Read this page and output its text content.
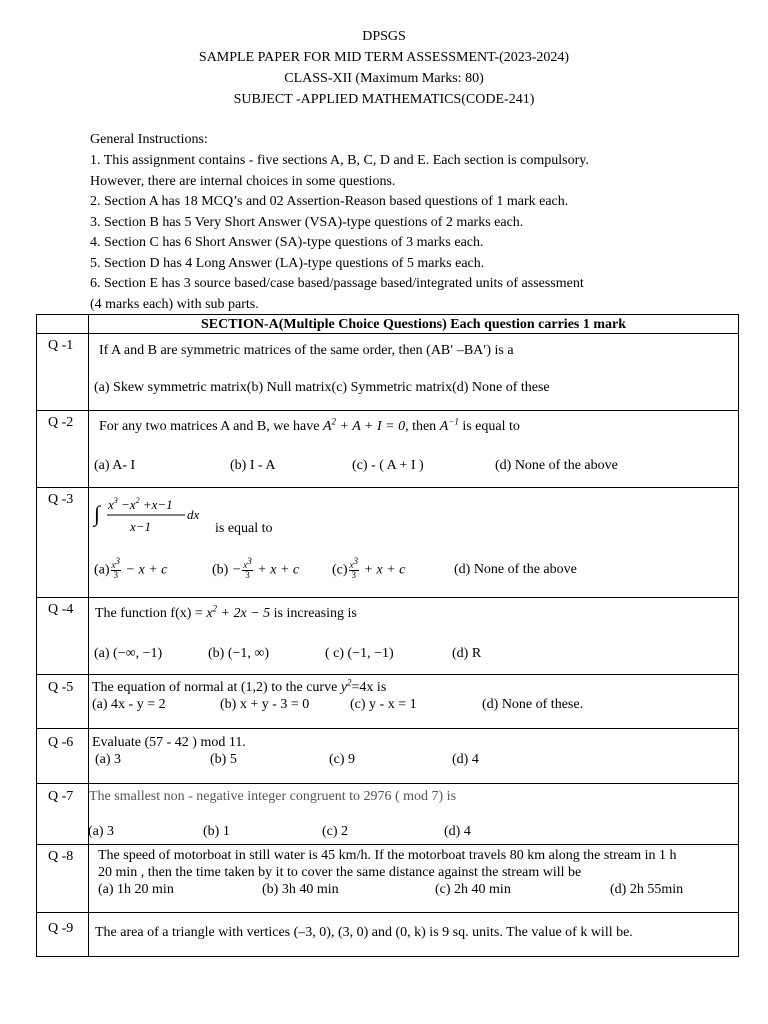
DPSGS
SAMPLE PAPER FOR MID TERM ASSESSMENT-(2023-2024)
CLASS-XII (Maximum Marks: 80)
SUBJECT -APPLIED MATHEMATICS(CODE-241)
General Instructions:
1. This assignment contains - five sections A, B, C, D and E. Each section is compulsory.
However, there are internal choices in some questions.
2. Section A has 18 MCQ’s and 02 Assertion-Reason based questions of 1 mark each.
3. Section B has 5 Very Short Answer (VSA)-type questions of 2 marks each.
4. Section C has 6 Short Answer (SA)-type questions of 3 marks each.
5. Section D has 4 Long Answer (LA)-type questions of 5 marks each.
6. Section E has 3 source based/case based/passage based/integrated units of assessment
(4 marks each) with sub parts.
SECTION-A(Multiple Choice Questions) Each question carries 1 mark
Q -1 If A and B are symmetric matrices of the same order, then (AB′ –BA′) is a
(a) Skew symmetric matrix(b) Null matrix(c) Symmetric matrix(d) None of these
Q -2 For any two matrices A and B, we have $A^2 + A + I = 0$, then $A^{-1}$ is equal to
(a) A- I	(b) I - A	(c) - ( A + I )	(d) None of the above
Q -3
∫ $x^3 -x^2 +x-1$
x−1
dx
is equal to
$(a) \frac{x^3}{3} - x + c$	$(b) - \frac{x^3}{3} + x + c$ $(c) \frac{x^3}{3} + x + c$	(d) None of the above
Q -4 The function $f(x) = x^2 + 2x - 5$ is increasing is
(a) (−∞, −1)	(b) (−1, ∞)	( c) (−1, −1)	(d) R
Q -5 The equation of normal at (1,2) to the curve $y^2=4x$ is
(a) 4x - y = 2	(b) x + y - 3 = 0	(c) y - x = 1	(d) None of these.
Q -6 Evaluate (57 - 42 ) mod 11.
(a) 3	(b) 5	(c) 9	(d) 4
Q -7 The smallest non - negative integer congruent to 2976 ( mod 7) is
(a) 3	(b) 1	(c) 2	(d) 4
Q -8 The speed of motorboat in still water is 45 km/h. If the motorboat travels 80 km along the stream in 1 h
20 min , then the time taken by it to cover the same distance against the stream will be
(a) 1h 20 min	(b) 3h 40 min	(c) 2h 40 min	(d) 2h 55min
Q -9 The area of a triangle with vertices (–3, 0), (3, 0) and (0, k) is 9 sq. units. The value of k will be.
